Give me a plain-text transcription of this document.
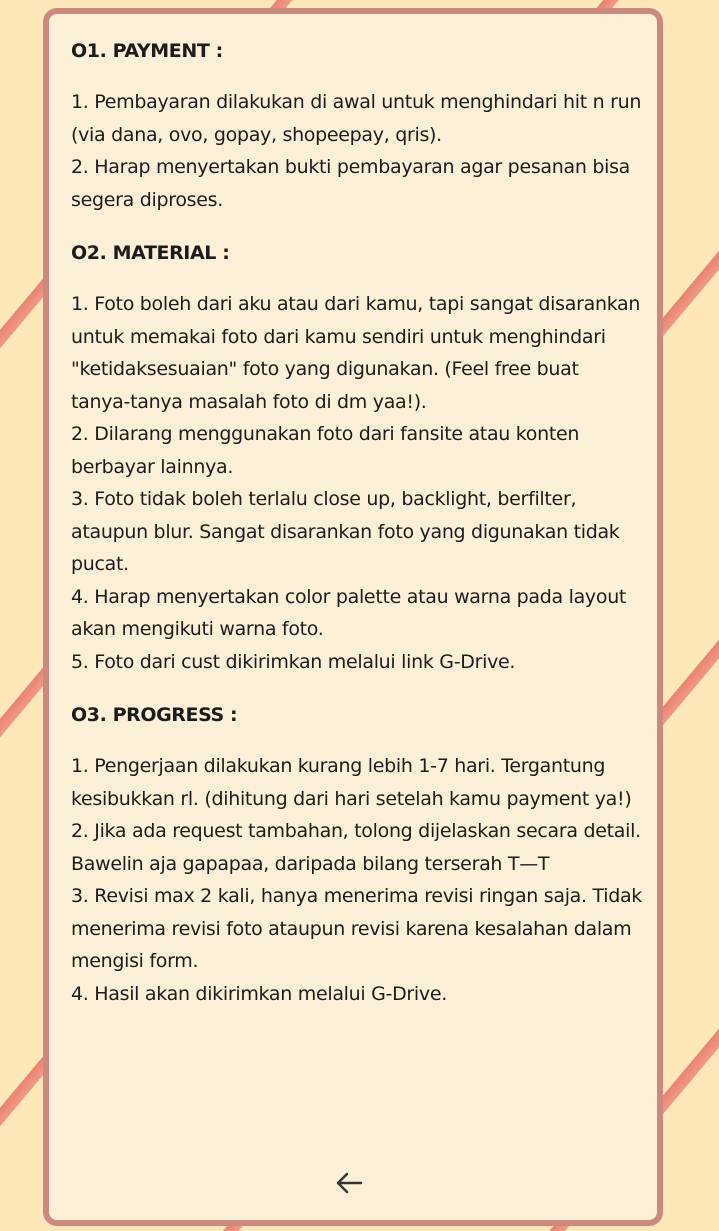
O1. PAYMENT :

1. Pembayaran dilakukan di awal untuk menghindari hit n run (via dana, ovo, gopay, shopeepay, qris).

2. Harap menyertakan bukti pembayaran agar pesanan bisa segera diproses.

O2. MATERIAL :

1. Foto boleh dari aku atau dari kamu, tapi sangat disarankan untuk memakai foto dari kamu sendiri untuk menghindari "ketidaksesuaian" foto yang digunakan. (Feel free buat tanya-tanya masalah foto di dm yaa!).

2. Dilarang menggunakan foto dari fansite atau konten berbayar lainnya.

3. Foto tidak boleh terlalu close up, backlight, berfilter, ataupun blur. Sangat disarankan foto yang digunakan tidak pucat.

4. Harap menyertakan color palette atau warna pada layout akan mengikuti warna foto.

5. Foto dari cust dikirimkan melalui link G-Drive.

O3. PROGRESS :

1. Pengerjaan dilakukan kurang lebih 1-7 hari. Tergantung kesibukkan rl. (dihitung dari hari setelah kamu payment ya!)

2. Jika ada request tambahan, tolong dijelaskan secara detail. Bawelin aja gapapaa, daripada bilang terserah T—T

3. Revisi max 2 kali, hanya menerima revisi ringan saja. Tidak menerima revisi foto ataupun revisi karena kesalahan dalam mengisi form.

4. Hasil akan dikirimkan melalui G-Drive.
